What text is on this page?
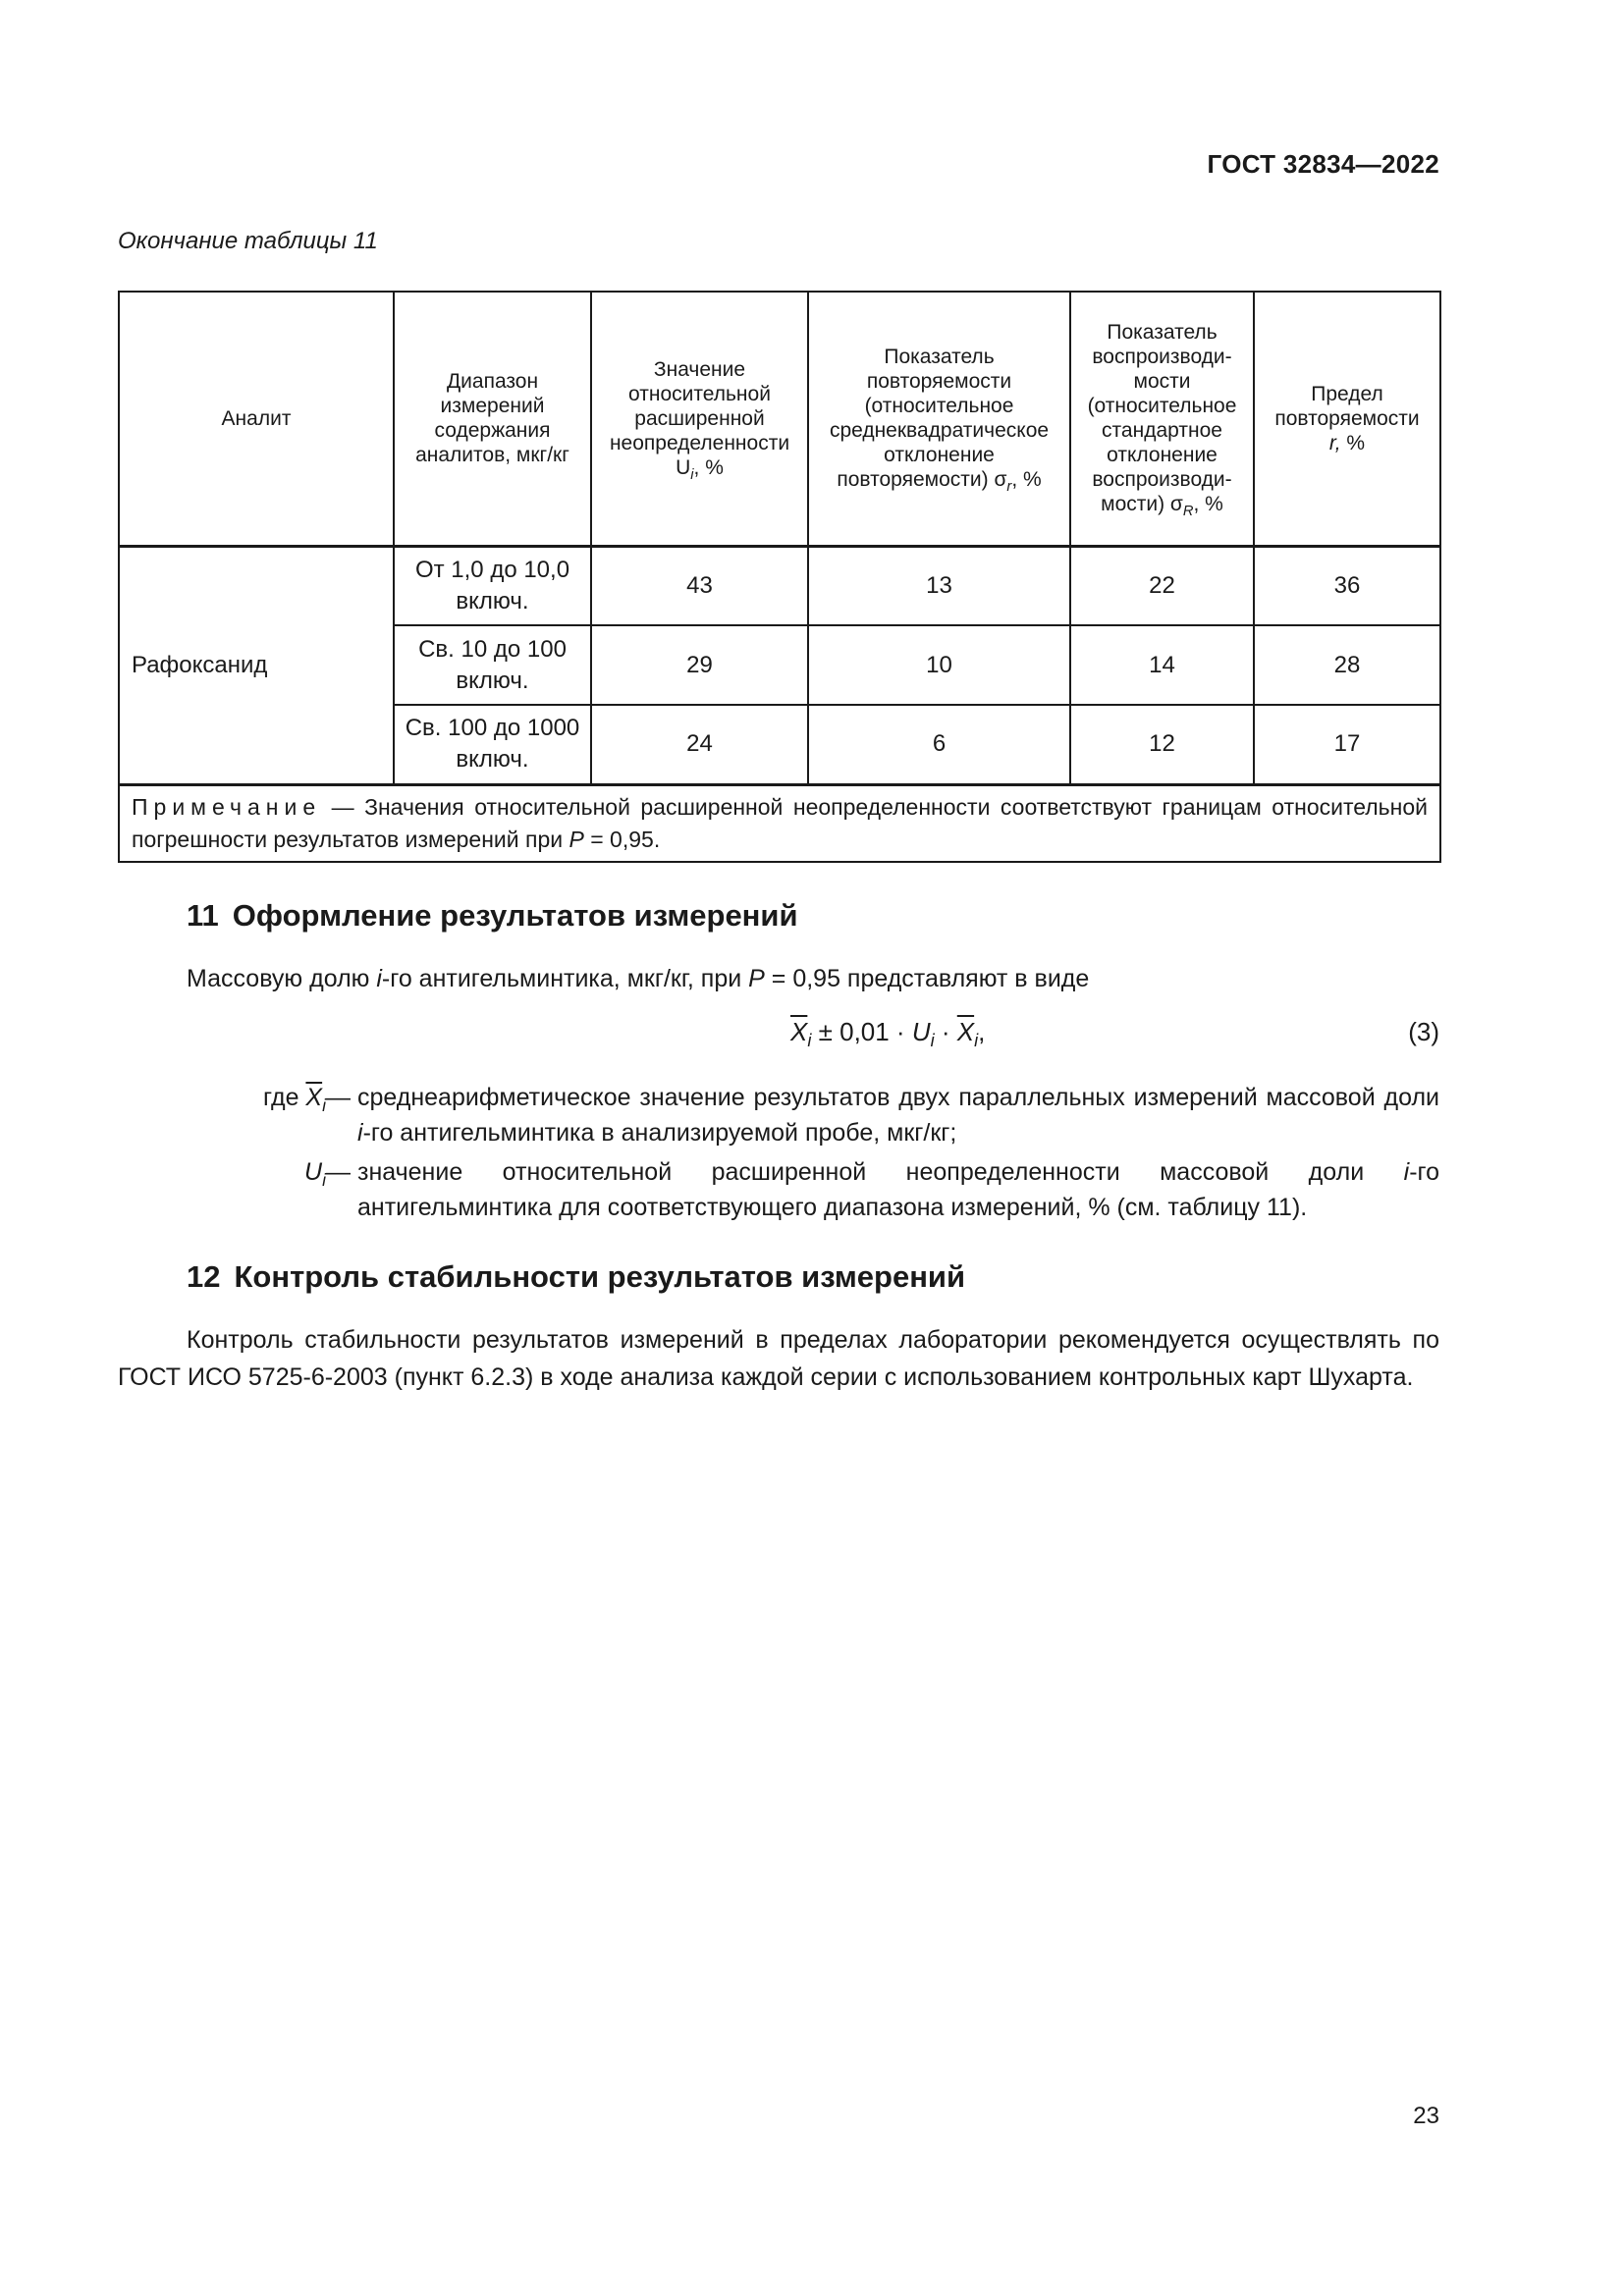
ГОСТ 32834—2022
Окончание таблицы 11
Аналит	Диапазон измерений содержания аналитов, мкг/кг	Значение относительной расширенной неопределенности $U_i$, %	Показатель повторяемости (относительное среднеквадратическое отклонение повторяемости) $\sigma_r$, %	Показатель воспроизводи-мости (относительное стандартное отклонение воспроизводи-мости) $\sigma_R$, %	Предел повторяемости
r, %
Рафоксанид	От 1,0 до 10,0 включ.	43	13	22	36
	Св. 10 до 100 включ.	29	10	14	28
	Св. 100 до 1000 включ.	24	6	12	17
Примечание — Значения относительной расширенной неопределенности соответствуют границам относительной погрешности результатов измерений при P = 0,95.					
11 Оформление результатов измерений
Массовую долю i-го антигельминтика, мкг/кг, при P = 0,95 представляют в виде
$\overline{X}_i \pm 0,01 \cdot U_i \cdot \overline{X}_i$,	(3)
где $\overline{X}_i$ — среднеарифметическое значение результатов двух параллельных измерений массовой доли i-го антигельминтика в анализируемой пробе, мкг/кг;
$U_i$ — значение относительной расширенной неопределенности массовой доли i-го антигельминтика для соответствующего диапазона измерений, % (см. таблицу 11).
12 Контроль стабильности результатов измерений
Контроль стабильности результатов измерений в пределах лаборатории рекомендуется осуществлять по ГОСТ ИСО 5725-6-2003 (пункт 6.2.3) в ходе анализа каждой серии с использованием контрольных карт Шухарта.
23
